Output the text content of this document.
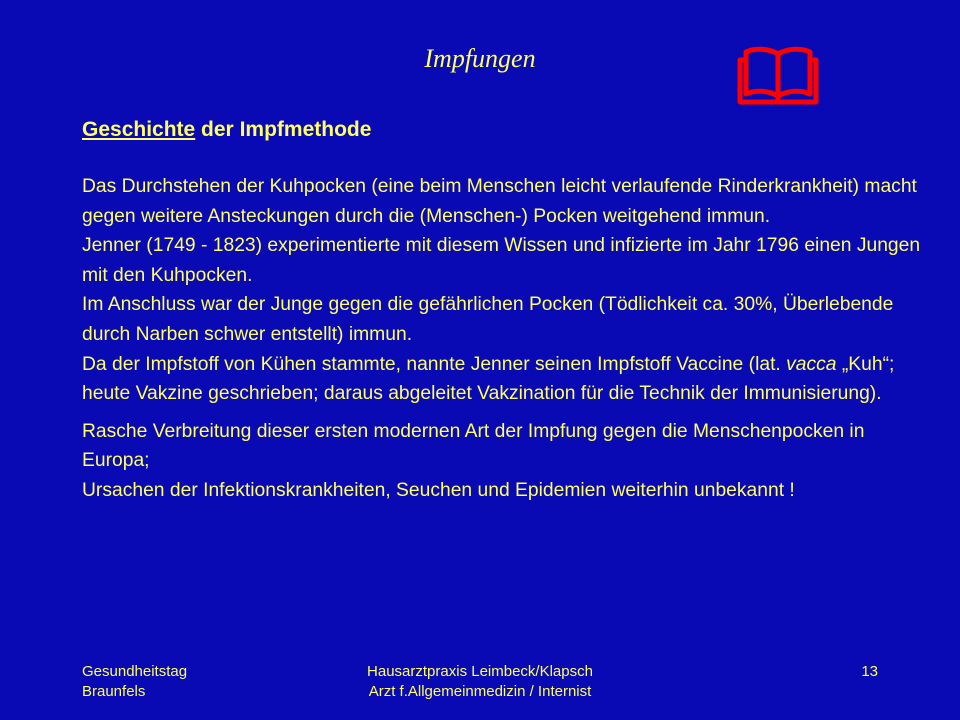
Impfungen
Geschichte der Impfmethode

Das Durchstehen der Kuhpocken (eine beim Menschen leicht verlaufende Rinderkrankheit) macht gegen weitere Ansteckungen durch die (Menschen-) Pocken weitgehend immun.

Jenner (1749 - 1823) experimentierte mit diesem Wissen und infizierte im Jahr 1796 einen Jungen mit den Kuhpocken.

Im Anschluss war der Junge gegen die gefährlichen Pocken (Tödlichkeit ca. 30%, Überlebende durch Narben schwer entstellt) immun.

Da der Impfstoff von Kühen stammte, nannte Jenner seinen Impfstoff Vaccine (lat. vacca „Kuh“; heute Vakzine geschrieben; daraus abgeleitet Vakzination für die Technik der Immunisierung).

Rasche Verbreitung dieser ersten modernen Art der Impfung gegen die Menschenpocken in Europa;

Ursachen der Infektionskrankheiten, Seuchen und Epidemien weiterhin unbekannt !

Gesundheitstag
Braunfels
Hausarztpraxis Leimbeck/Klapsch
Arzt f.Allgemeinmedizin / Internist
13
